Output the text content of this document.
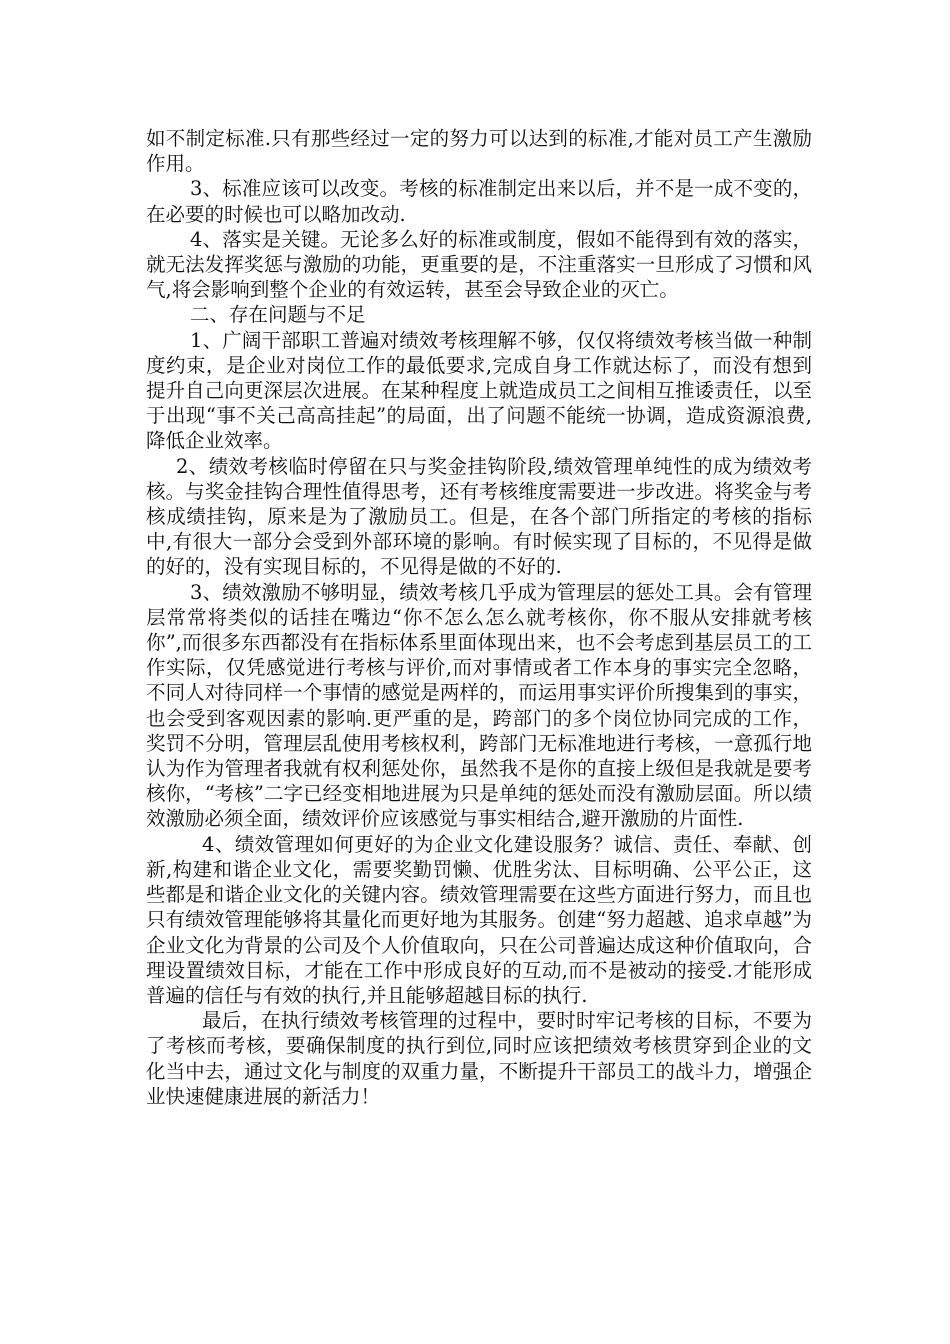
如不制定标准.只有那些经过一定的努力可以达到的标准,才能对员工产生激励作用。

3、标准应该可以改变。考核的标准制定出来以后，并不是一成不变的，在必要的时候也可以略加改动.

4、落实是关键。无论多么好的标准或制度，假如不能得到有效的落实，就无法发挥奖惩与激励的功能，更重要的是，不注重落实一旦形成了习惯和风气,将会影响到整个企业的有效运转，甚至会导致企业的灭亡。

二、存在问题与不足

1、广阔干部职工普遍对绩效考核理解不够，仅仅将绩效考核当做一种制度约束，是企业对岗位工作的最低要求,完成自身工作就达标了，而没有想到提升自己向更深层次进展。在某种程度上就造成员工之间相互推诿责任，以至于出现“事不关己高高挂起”的局面，出了问题不能统一协调，造成资源浪费,降低企业效率。

2、绩效考核临时停留在只与奖金挂钩阶段,绩效管理单纯性的成为绩效考核。与奖金挂钩合理性值得思考，还有考核维度需要进一步改进。将奖金与考核成绩挂钩，原来是为了激励员工。但是，在各个部门所指定的考核的指标中,有很大一部分会受到外部环境的影响。有时候实现了目标的，不见得是做的好的，没有实现目标的，不见得是做的不好的.

3、绩效激励不够明显，绩效考核几乎成为管理层的惩处工具。会有管理层常常将类似的话挂在嘴边“你不怎么怎么就考核你，你不服从安排就考核你”,而很多东西都没有在指标体系里面体现出来，也不会考虑到基层员工的工作实际，仅凭感觉进行考核与评价,而对事情或者工作本身的事实完全忽略，不同人对待同样一个事情的感觉是两样的，而运用事实评价所搜集到的事实，也会受到客观因素的影响.更严重的是，跨部门的多个岗位协同完成的工作，奖罚不分明，管理层乱使用考核权利，跨部门无标准地进行考核，一意孤行地认为作为管理者我就有权利惩处你，虽然我不是你的直接上级但是我就是要考核你，“考核”二字已经变相地进展为只是单纯的惩处而没有激励层面。所以绩效激励必须全面，绩效评价应该感觉与事实相结合,避开激励的片面性.

4、绩效管理如何更好的为企业文化建设服务？诚信、责任、奉献、创新,构建和谐企业文化，需要奖勤罚懒、优胜劣汰、目标明确、公平公正，这些都是和谐企业文化的关键内容。绩效管理需要在这些方面进行努力，而且也只有绩效管理能够将其量化而更好地为其服务。创建“努力超越、追求卓越”为企业文化为背景的公司及个人价值取向，只在公司普遍达成这种价值取向，合理设置绩效目标，才能在工作中形成良好的互动,而不是被动的接受.才能形成普遍的信任与有效的执行,并且能够超越目标的执行.

最后，在执行绩效考核管理的过程中，要时时牢记考核的目标，不要为了考核而考核，要确保制度的执行到位,同时应该把绩效考核贯穿到企业的文化当中去，通过文化与制度的双重力量，不断提升干部员工的战斗力，增强企业快速健康进展的新活力！
